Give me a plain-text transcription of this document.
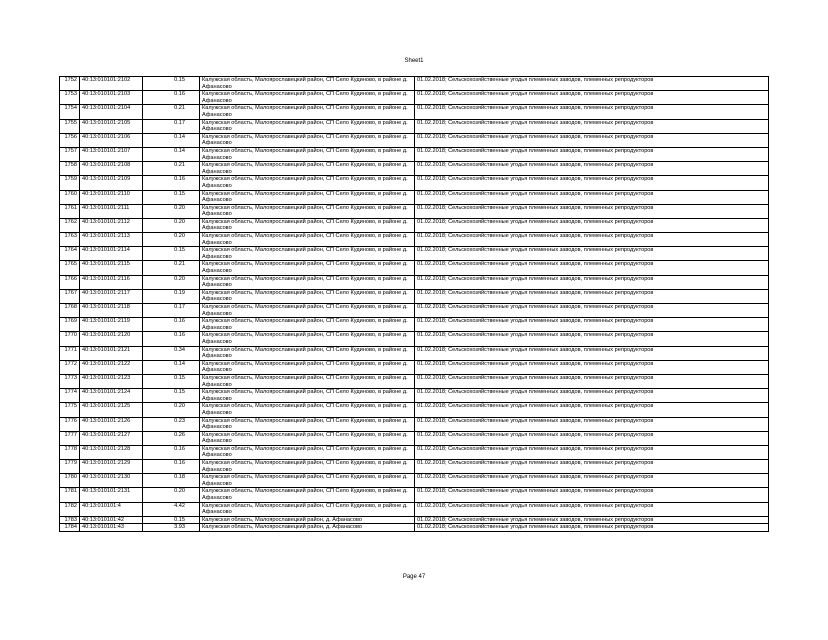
Sheet1
1752	40:13:010101:2102	0.15	Калужская область, Малоярославецкий район, СП Село Кудиново, в районе д. Афанасово	01.02.2018; Сельскохозяйственные угодья племенных заводов, племенных репродукторов
1753	40:13:010101:2103	0.16	Калужская область, Малоярославецкий район, СП Село Кудиново, в районе д. Афанасово	01.02.2018; Сельскохозяйственные угодья племенных заводов, племенных репродукторов
1754	40:13:010101:2104	0.21	Калужская область, Малоярославецкий район, СП Село Кудиново, в районе д. Афанасово	01.02.2018; Сельскохозяйственные угодья племенных заводов, племенных репродукторов
1755	40:13:010101:2105	0.17	Калужская область, Малоярославецкий район, СП Село Кудиново, в районе д. Афанасово	01.02.2018; Сельскохозяйственные угодья племенных заводов, племенных репродукторов
1756	40:13:010101:2106	0.14	Калужская область, Малоярославецкий район, СП Село Кудиново, в районе д. Афанасово	01.02.2018; Сельскохозяйственные угодья племенных заводов, племенных репродукторов
1757	40:13:010101:2107	0.14	Калужская область, Малоярославецкий район, СП Село Кудиново, в районе д. Афанасово	01.02.2018; Сельскохозяйственные угодья племенных заводов, племенных репродукторов
1758	40:13:010101:2108	0.21	Калужская область, Малоярославецкий район, СП Село Кудиново, в районе д. Афанасово	01.02.2018; Сельскохозяйственные угодья племенных заводов, племенных репродукторов
1759	40:13:010101:2109	0.16	Калужская область, Малоярославецкий район, СП Село Кудиново, в районе д. Афанасово	01.02.2018; Сельскохозяйственные угодья племенных заводов, племенных репродукторов
1760	40:13:010101:2110	0.15	Калужская область, Малоярославецкий район, СП Село Кудиново, в районе д. Афанасово	01.02.2018; Сельскохозяйственные угодья племенных заводов, племенных репродукторов
1761	40:13:010101:2111	0.20	Калужская область, Малоярославецкий район, СП Село Кудиново, в районе д. Афанасово	01.02.2018; Сельскохозяйственные угодья племенных заводов, племенных репродукторов
1762	40:13:010101:2112	0.20	Калужская область, Малоярославецкий район, СП Село Кудиново, в районе д. Афанасово	01.02.2018; Сельскохозяйственные угодья племенных заводов, племенных репродукторов
1763	40:13:010101:2113	0.20	Калужская область, Малоярославецкий район, СП Село Кудиново, в районе д. Афанасово	01.02.2018; Сельскохозяйственные угодья племенных заводов, племенных репродукторов
1764	40:13:010101:2114	0.15	Калужская область, Малоярославецкий район, СП Село Кудиново, в районе д. Афанасово	01.02.2018; Сельскохозяйственные угодья племенных заводов, племенных репродукторов
1765	40:13:010101:2115	0.21	Калужская область, Малоярославецкий район, СП Село Кудиново, в районе д. Афанасово	01.02.2018; Сельскохозяйственные угодья племенных заводов, племенных репродукторов
1766	40:13:010101:2116	0.20	Калужская область, Малоярославецкий район, СП Село Кудиново, в районе д. Афанасово	01.02.2018; Сельскохозяйственные угодья племенных заводов, племенных репродукторов
1767	40:13:010101:2117	0.19	Калужская область, Малоярославецкий район, СП Село Кудиново, в районе д. Афанасово	01.02.2018; Сельскохозяйственные угодья племенных заводов, племенных репродукторов
1768	40:13:010101:2118	0.17	Калужская область, Малоярославецкий район, СП Село Кудиново, в районе д. Афанасово	01.02.2018; Сельскохозяйственные угодья племенных заводов, племенных репродукторов
1769	40:13:010101:2119	0.16	Калужская область, Малоярославецкий район, СП Село Кудиново, в районе д. Афанасово	01.02.2018; Сельскохозяйственные угодья племенных заводов, племенных репродукторов
1770	40:13:010101:2120	0.16	Калужская область, Малоярославецкий район, СП Село Кудиново, в районе д. Афанасово	01.02.2018; Сельскохозяйственные угодья племенных заводов, племенных репродукторов
1771	40:13:010101:2121	0.34	Калужская область, Малоярославецкий район, СП Село Кудиново, в районе д. Афанасово	01.02.2018; Сельскохозяйственные угодья племенных заводов, племенных репродукторов
1772	40:13:010101:2122	0.14	Калужская область, Малоярославецкий район, СП Село Кудиново, в районе д. Афанасово	01.02.2018; Сельскохозяйственные угодья племенных заводов, племенных репродукторов
1773	40:13:010101:2123	0.15	Калужская область, Малоярославецкий район, СП Село Кудиново, в районе д. Афанасово	01.02.2018; Сельскохозяйственные угодья племенных заводов, племенных репродукторов
1774	40:13:010101:2124	0.15	Калужская область, Малоярославецкий район, СП Село Кудиново, в районе д. Афанасово	01.02.2018; Сельскохозяйственные угодья племенных заводов, племенных репродукторов
1775	40:13:010101:2125	0.20	Калужская область, Малоярославецкий район, СП Село Кудиново, в районе д. Афанасово	01.02.2018; Сельскохозяйственные угодья племенных заводов, племенных репродукторов
1776	40:13:010101:2126	0.23	Калужская область, Малоярославецкий район, СП Село Кудиново, в районе д. Афанасово	01.02.2018; Сельскохозяйственные угодья племенных заводов, племенных репродукторов
1777	40:13:010101:2127	0.26	Калужская область, Малоярославецкий район, СП Село Кудиново, в районе д. Афанасово	01.02.2018; Сельскохозяйственные угодья племенных заводов, племенных репродукторов
1778	40:13:010101:2128	0.16	Калужская область, Малоярославецкий район, СП Село Кудиново, в районе д. Афанасово	01.02.2018; Сельскохозяйственные угодья племенных заводов, племенных репродукторов
1779	40:13:010101:2129	0.16	Калужская область, Малоярославецкий район, СП Село Кудиново, в районе д. Афанасово	01.02.2018; Сельскохозяйственные угодья племенных заводов, племенных репродукторов
1780	40:13:010101:2130	0.18	Калужская область, Малоярославецкий район, СП Село Кудиново, в районе д. Афанасово	01.02.2018; Сельскохозяйственные угодья племенных заводов, племенных репродукторов
1781	40:13:010101:2131	0.20	Калужская область, Малоярославецкий район, СП Село Кудиново, в районе д. Афанасово	01.02.2018; Сельскохозяйственные угодья племенных заводов, племенных репродукторов
1782	40:13:010101:4	4.42	Калужская область, Малоярославецкий район, СП Село Кудиново, в районе д. Афанасово	01.02.2018; Сельскохозяйственные угодья племенных заводов, племенных репродукторов
1783	40:13:010101:42	0.15	Калужская область, Малоярославецкий район, д. Афанасово	01.02.2018; Сельскохозяйственные угодья племенных заводов, племенных репродукторов
1784	40:13:010101:43	3.93	Калужская область, Малоярославецкий район, д. Афанасово	01.02.2018; Сельскохозяйственные угодья племенных заводов, племенных репродукторов
Page 47
